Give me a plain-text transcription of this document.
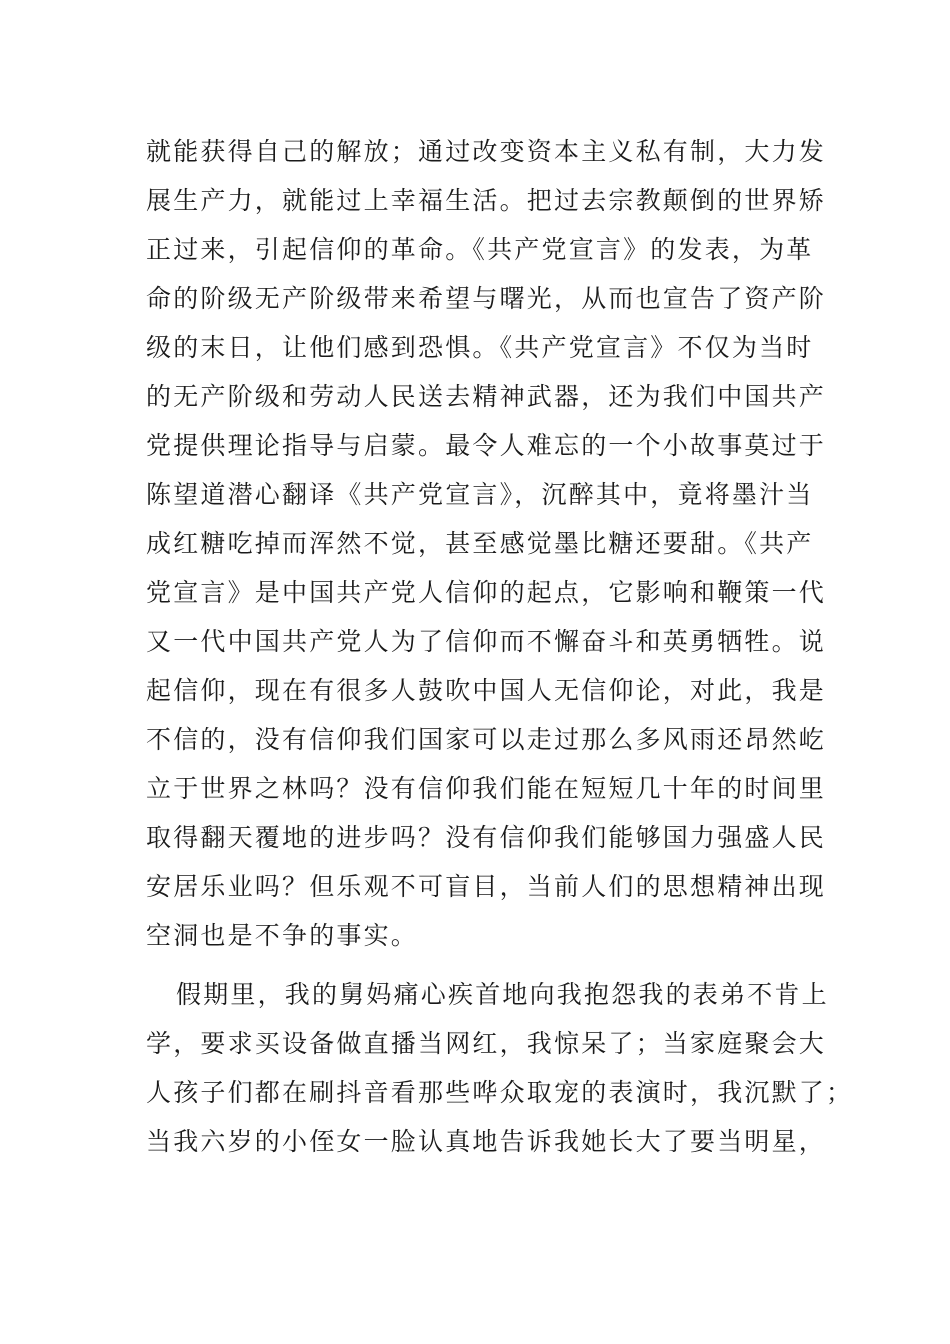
就能获得自己的解放；通过改变资本主义私有制，大力发
展生产力，就能过上幸福生活。把过去宗教颠倒的世界矫
正过来，引起信仰的革命。《共产党宣言》的发表，为革
命的阶级无产阶级带来希望与曙光，从而也宣告了资产阶
级的末日，让他们感到恐惧。《共产党宣言》不仅为当时
的无产阶级和劳动人民送去精神武器，还为我们中国共产
党提供理论指导与启蒙。最令人难忘的一个小故事莫过于
陈望道潜心翻译《共产党宣言》，沉醉其中，竟将墨汁当
成红糖吃掉而浑然不觉，甚至感觉墨比糖还要甜。《共产
党宣言》是中国共产党人信仰的起点，它影响和鞭策一代
又一代中国共产党人为了信仰而不懈奋斗和英勇牺牲。说
起信仰，现在有很多人鼓吹中国人无信仰论，对此，我是
不信的，没有信仰我们国家可以走过那么多风雨还昂然屹
立于世界之林吗？没有信仰我们能在短短几十年的时间里
取得翻天覆地的进步吗？没有信仰我们能够国力强盛人民
安居乐业吗？但乐观不可盲目，当前人们的思想精神出现
空洞也是不争的事实。
假期里，我的舅妈痛心疾首地向我抱怨我的表弟不肯上
学，要求买设备做直播当网红，我惊呆了；当家庭聚会大
人孩子们都在刷抖音看那些哗众取宠的表演时，我沉默了；
当我六岁的小侄女一脸认真地告诉我她长大了要当明星，
